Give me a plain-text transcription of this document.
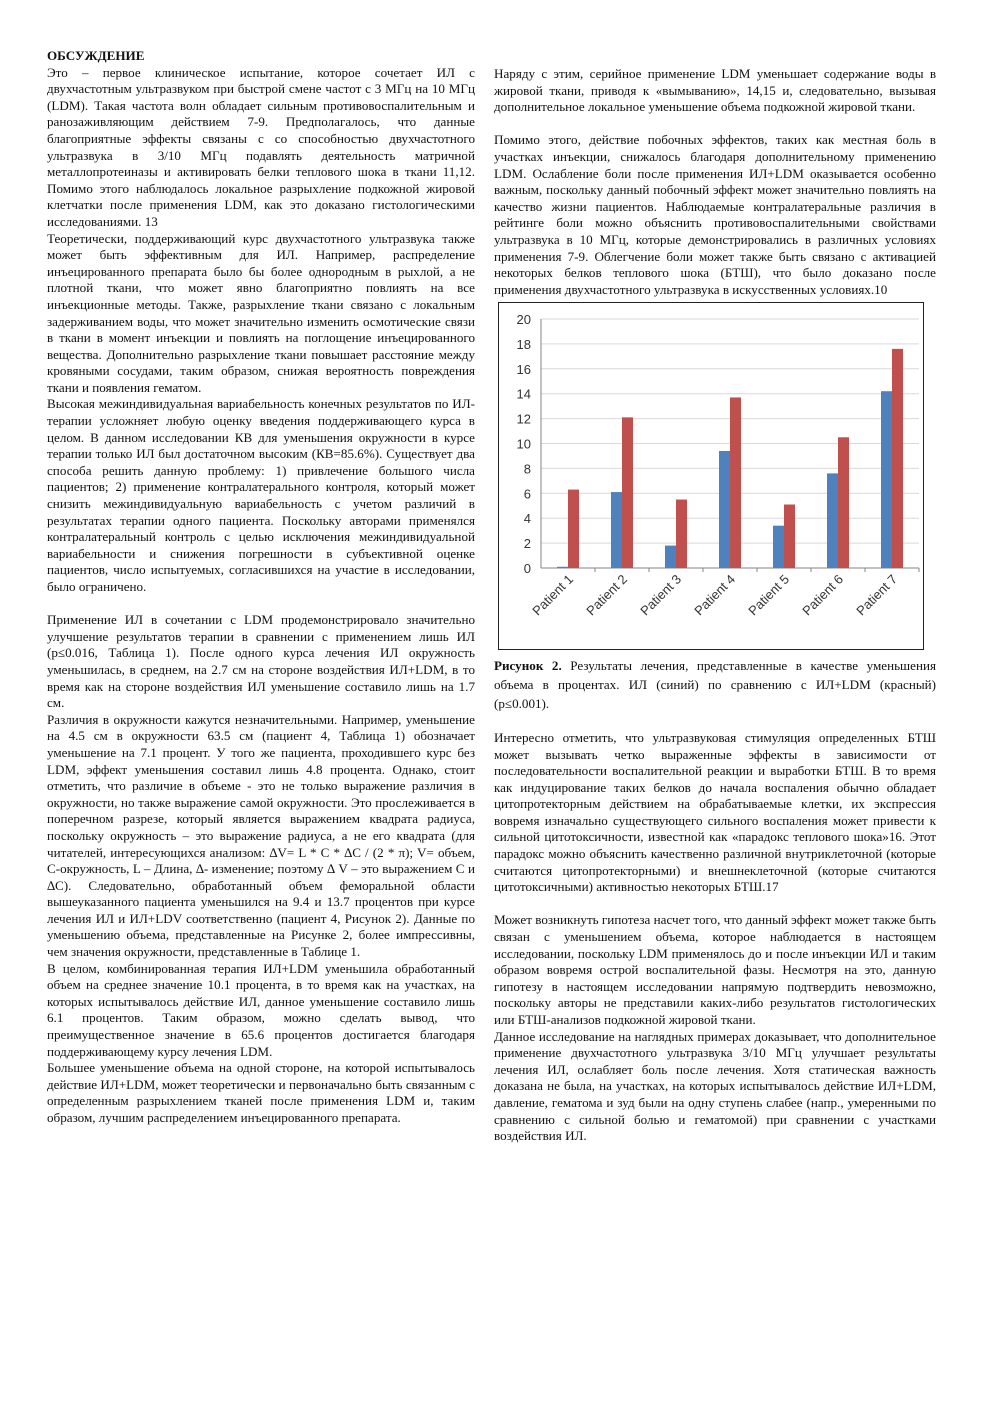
ОБСУЖДЕНИЕ

Это – первое клиническое испытание, которое сочетает ИЛ с двухчастотным ультразвуком при быстрой смене частот с 3 МГц на 10 МГц (LDM). Такая частота волн обладает сильным противовоспалительным и ранозаживляющим действием 7-9. Предполагалось, что данные благоприятные эффекты связаны с со способностью двухчастотного ультразвука в 3/10 МГц подавлять деятельность матричной металлопротеиназы и активировать белки теплового шока в ткани 11,12. Помимо этого наблюдалось локальное разрыхление подкожной жировой клетчатки после применения LDM, как это доказано гистологическими исследованиями. 13

Теоретически, поддерживающий курс двухчастотного ультразвука также может быть эффективным для ИЛ. Например, распределение инъецированного препарата было бы более однородным в рыхлой, а не плотной ткани, что может явно благоприятно повлиять на все инъекционные методы. Также, разрыхление ткани связано с локальным задерживанием воды, что может значительно изменить осмотические связи в ткани в момент инъекции и повлиять на поглощение инъецированного вещества. Дополнительно разрыхление ткани повышает расстояние между кровяными сосудами, таким образом, снижая вероятность повреждения ткани и появления гематом.

Высокая межиндивидуальная вариабельность конечных результатов по ИЛ-терапии усложняет любую оценку введения поддерживающего курса в целом. В данном исследовании КВ для уменьшения окружности в курсе терапии только ИЛ был достаточном высоким (КВ=85.6%). Существует два способа решить данную проблему: 1) привлечение большого числа пациентов; 2) применение контралатерального контроля, который может снизить межиндивидуальную вариабельность с учетом различий в результатах терапии одного пациента. Поскольку авторами применялся контралатеральный контроль с целью исключения межиндивидуальной вариабельности и снижения погрешности в субъективной оценке пациентов, число испытуемых, согласившихся на участие в исследовании, было ограничено.

Применение ИЛ в сочетании с LDM продемонстрировало значительно улучшение результатов терапии в сравнении с применением лишь ИЛ (p≤0.016, Таблица 1). После одного курса лечения ИЛ окружность уменьшилась, в среднем, на 2.7 см на стороне воздействия ИЛ+LDM, в то время как на стороне воздействия ИЛ уменьшение составило лишь на 1.7 см.

Различия в окружности кажутся незначительными. Например, уменьшение на 4.5 см в окружности 63.5 см (пациент 4, Таблица 1) обозначает уменьшение на 7.1 процент. У того же пациента, проходившего курс без LDM, эффект уменьшения составил лишь 4.8 процента. Однако, стоит отметить, что различие в объеме - это не только выражение различия в окружности, но также выражение самой окружности. Это прослеживается в поперечном разрезе, который является выражением квадрата радиуса, поскольку окружность – это выражение радиуса, а не его квадрата (для читателей, интересующихся анализом: ∆V= L * C * ∆C / (2 * π); V= объем, С-окружность, L – Длина, ∆- изменение; поэтому ∆ V – это выражением C и ∆C). Следовательно, обработанный объем феморальной области вышеуказанного пациента уменьшился на 9.4 и 13.7 процентов при курсе лечения ИЛ и ИЛ+LDV соответственно (пациент 4, Рисунок 2). Данные по уменьшению объема, представленные на Рисунке 2, более импрессивны, чем значения окружности, представленные в Таблице 1.

В целом, комбинированная терапия ИЛ+LDM уменьшила обработанный объем на среднее значение 10.1 процента, в то время как на участках, на которых испытывалось действие ИЛ, данное уменьшение составило лишь 6.1 процентов. Таким образом, можно сделать вывод, что преимущественное значение в 65.6 процентов достигается благодаря поддерживающему курсу лечения LDM.

Большее уменьшение объема на одной стороне, на которой испытывалось действие ИЛ+LDM, может теоретически и первоначально быть связанным с определенным разрыхлением тканей после применения LDM и, таким образом, лучшим распределением инъецированного препарата.

Наряду с этим, серийное применение LDM уменьшает содержание воды в жировой ткани, приводя к «вымыванию», 14,15 и, следовательно, вызывая дополнительное локальное уменьшение объема подкожной жировой ткани.

Помимо этого, действие побочных эффектов, таких как местная боль в участках инъекции, снижалось благодаря дополнительному применению LDM. Ослабление боли после применения ИЛ+LDM оказывается особенно важным, поскольку данный побочный эффект может значительно повлиять на качество жизни пациентов. Наблюдаемые контралатеральные различия в рейтинге боли можно объяснить противовоспалительными свойствами ультразвука в 10 МГц, которые демонстрировались в различных условиях применения 7-9. Облегчение боли может также быть связано с активацией некоторых белков теплового шока (БТШ), что было доказано после применения двухчастотного ультразвука в искусственных условиях.10

0
2
4
6
8
10
12
14
16
18
20
Patient 1 Patient 2 Patient 3 Patient 4 Patient 5 Patient 6 Patient 7

Рисунок 2. Результаты лечения, представленные в качестве уменьшения объема в процентах. ИЛ (синий) по сравнению с ИЛ+LDM (красный) (p≤0.001).

Интересно отметить, что ультразвуковая стимуляция определенных БТШ может вызывать четко выраженные эффекты в зависимости от последовательности воспалительной реакции и выработки БТШ. В то время как индуцирование таких белков до начала воспаления обычно обладает цитопротекторным действием на обрабатываемые клетки, их экспрессия вовремя изначально существующего сильного воспаления может привести к сильной цитотоксичности, известной как «парадокс теплового шока»16. Этот парадокс можно объяснить качественно различной внутриклеточной (которые считаются цитопротекторными) и внешнеклеточной (которые считаются цитотоксичными) активностью некоторых БТШ.17

Может возникнуть гипотеза насчет того, что данный эффект может также быть связан с уменьшением объема, которое наблюдается в настоящем исследовании, поскольку LDM применялось до и после инъекции ИЛ и таким образом вовремя острой воспалительной фазы. Несмотря на это, данную гипотезу в настоящем исследовании напрямую подтвердить невозможно, поскольку авторы не представили каких-либо результатов гистологических или БТШ-анализов подкожной жировой ткани.

Данное исследование на наглядных примерах доказывает, что дополнительное применение двухчастотного ультразвука 3/10 МГц улучшает результаты лечения ИЛ, ослабляет боль после лечения. Хотя статическая важность доказана не была, на участках, на которых испытывалось действие ИЛ+LDM, давление, гематома и зуд были на одну ступень слабее (напр., умеренными по сравнению с сильной болью и гематомой) при сравнении с участками воздействия ИЛ.
